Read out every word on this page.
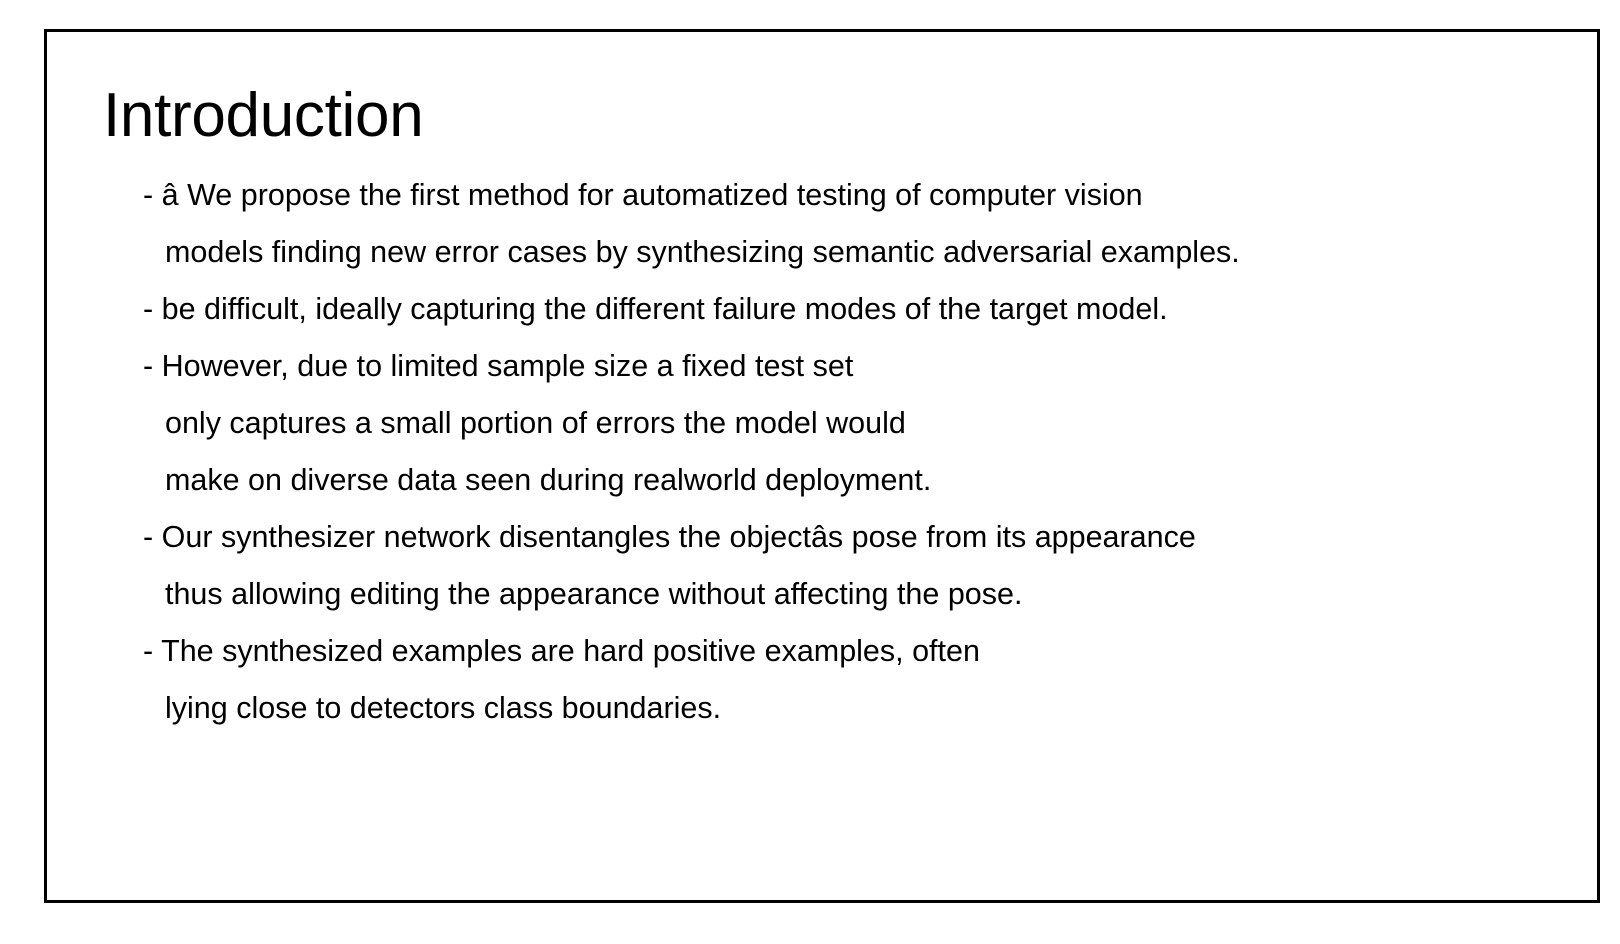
Introduction
- â We propose the first method for automatized testing of computer vision
models finding new error cases by synthesizing semantic adversarial examples.
- be difficult, ideally capturing the different failure modes of the target model.
- However, due to limited sample size a fixed test set
only captures a small portion of errors the model would
make on diverse data seen during realworld deployment.
- Our synthesizer network disentangles the objectâs pose from its appearance
thus allowing editing the appearance without affecting the pose.
- The synthesized examples are hard positive examples, often
lying close to detectors class boundaries.
